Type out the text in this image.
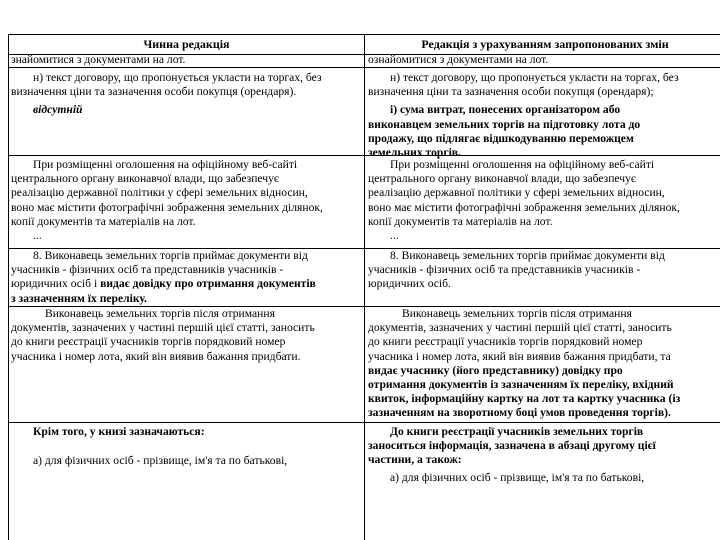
Чинна редакція	Редакція з урахуванням запропонованих змін

знайомитися з документами на лот.	ознайомитися з документами на лот.

н) текст договору, що пропонується укласти на торгах, без

визначення ціни та зазначення особи покупця (орендаря).

відсутній

н) текст договору, що пропонується укласти на торгах, без

визначення ціни та зазначення особи покупця (орендаря);

і) сума витрат, понесених організатором або

виконавцем земельних торгів на підготовку лота до

продажу, що підлягає відшкодуванню переможцем

земельних торгів.

При розміщенні оголошення на офіційному веб-сайті

центрального органу виконавчої влади, що забезпечує

реалізацію державної політики у сфері земельних відносин,

воно має містити фотографічні зображення земельних ділянок,

копії документів та матеріалів на лот.

...

При розміщенні оголошення на офіційному веб-сайті

центрального органу виконавчої влади, що забезпечує

реалізацію державної політики у сфері земельних відносин,

воно має містити фотографічні зображення земельних ділянок,

копії документів та матеріалів на лот.

...

8. Виконавець земельних торгів приймає документи від

учасників - фізичних осіб та представників учасників -

юридичних осіб і видає довідку про отримання документів

з зазначенням їх переліку.

8. Виконавець земельних торгів приймає документи від

учасників - фізичних осіб та представників учасників -

юридичних осіб.

Виконавець земельних торгів після отримання

документів, зазначених у частині першій цієї статті, заносить

до книги реєстрації учасників торгів порядковий номер

учасника і номер лота, який він виявив бажання придбати.

Виконавець земельних торгів після отримання

документів, зазначених у частині першій цієї статті, заносить

до книги реєстрації учасників торгів порядковий номер

учасника і номер лота, який він виявив бажання придбати, та

видає учаснику (його представнику) довідку про

отримання документів із зазначенням їх переліку, вхідний

квиток, інформаційну картку на лот та картку учасника (із

зазначенням на зворотному боці умов проведення торгів).

Крім того, у книзі зазначаються:

а) для фізичних осіб - прізвище, ім'я та по батькові,

До книги реєстрації учасників земельних торгів

заноситься інформація, зазначена в абзаці другому цієї

частини, а також:

а) для фізичних осіб - прізвище, ім'я та по батькові,
